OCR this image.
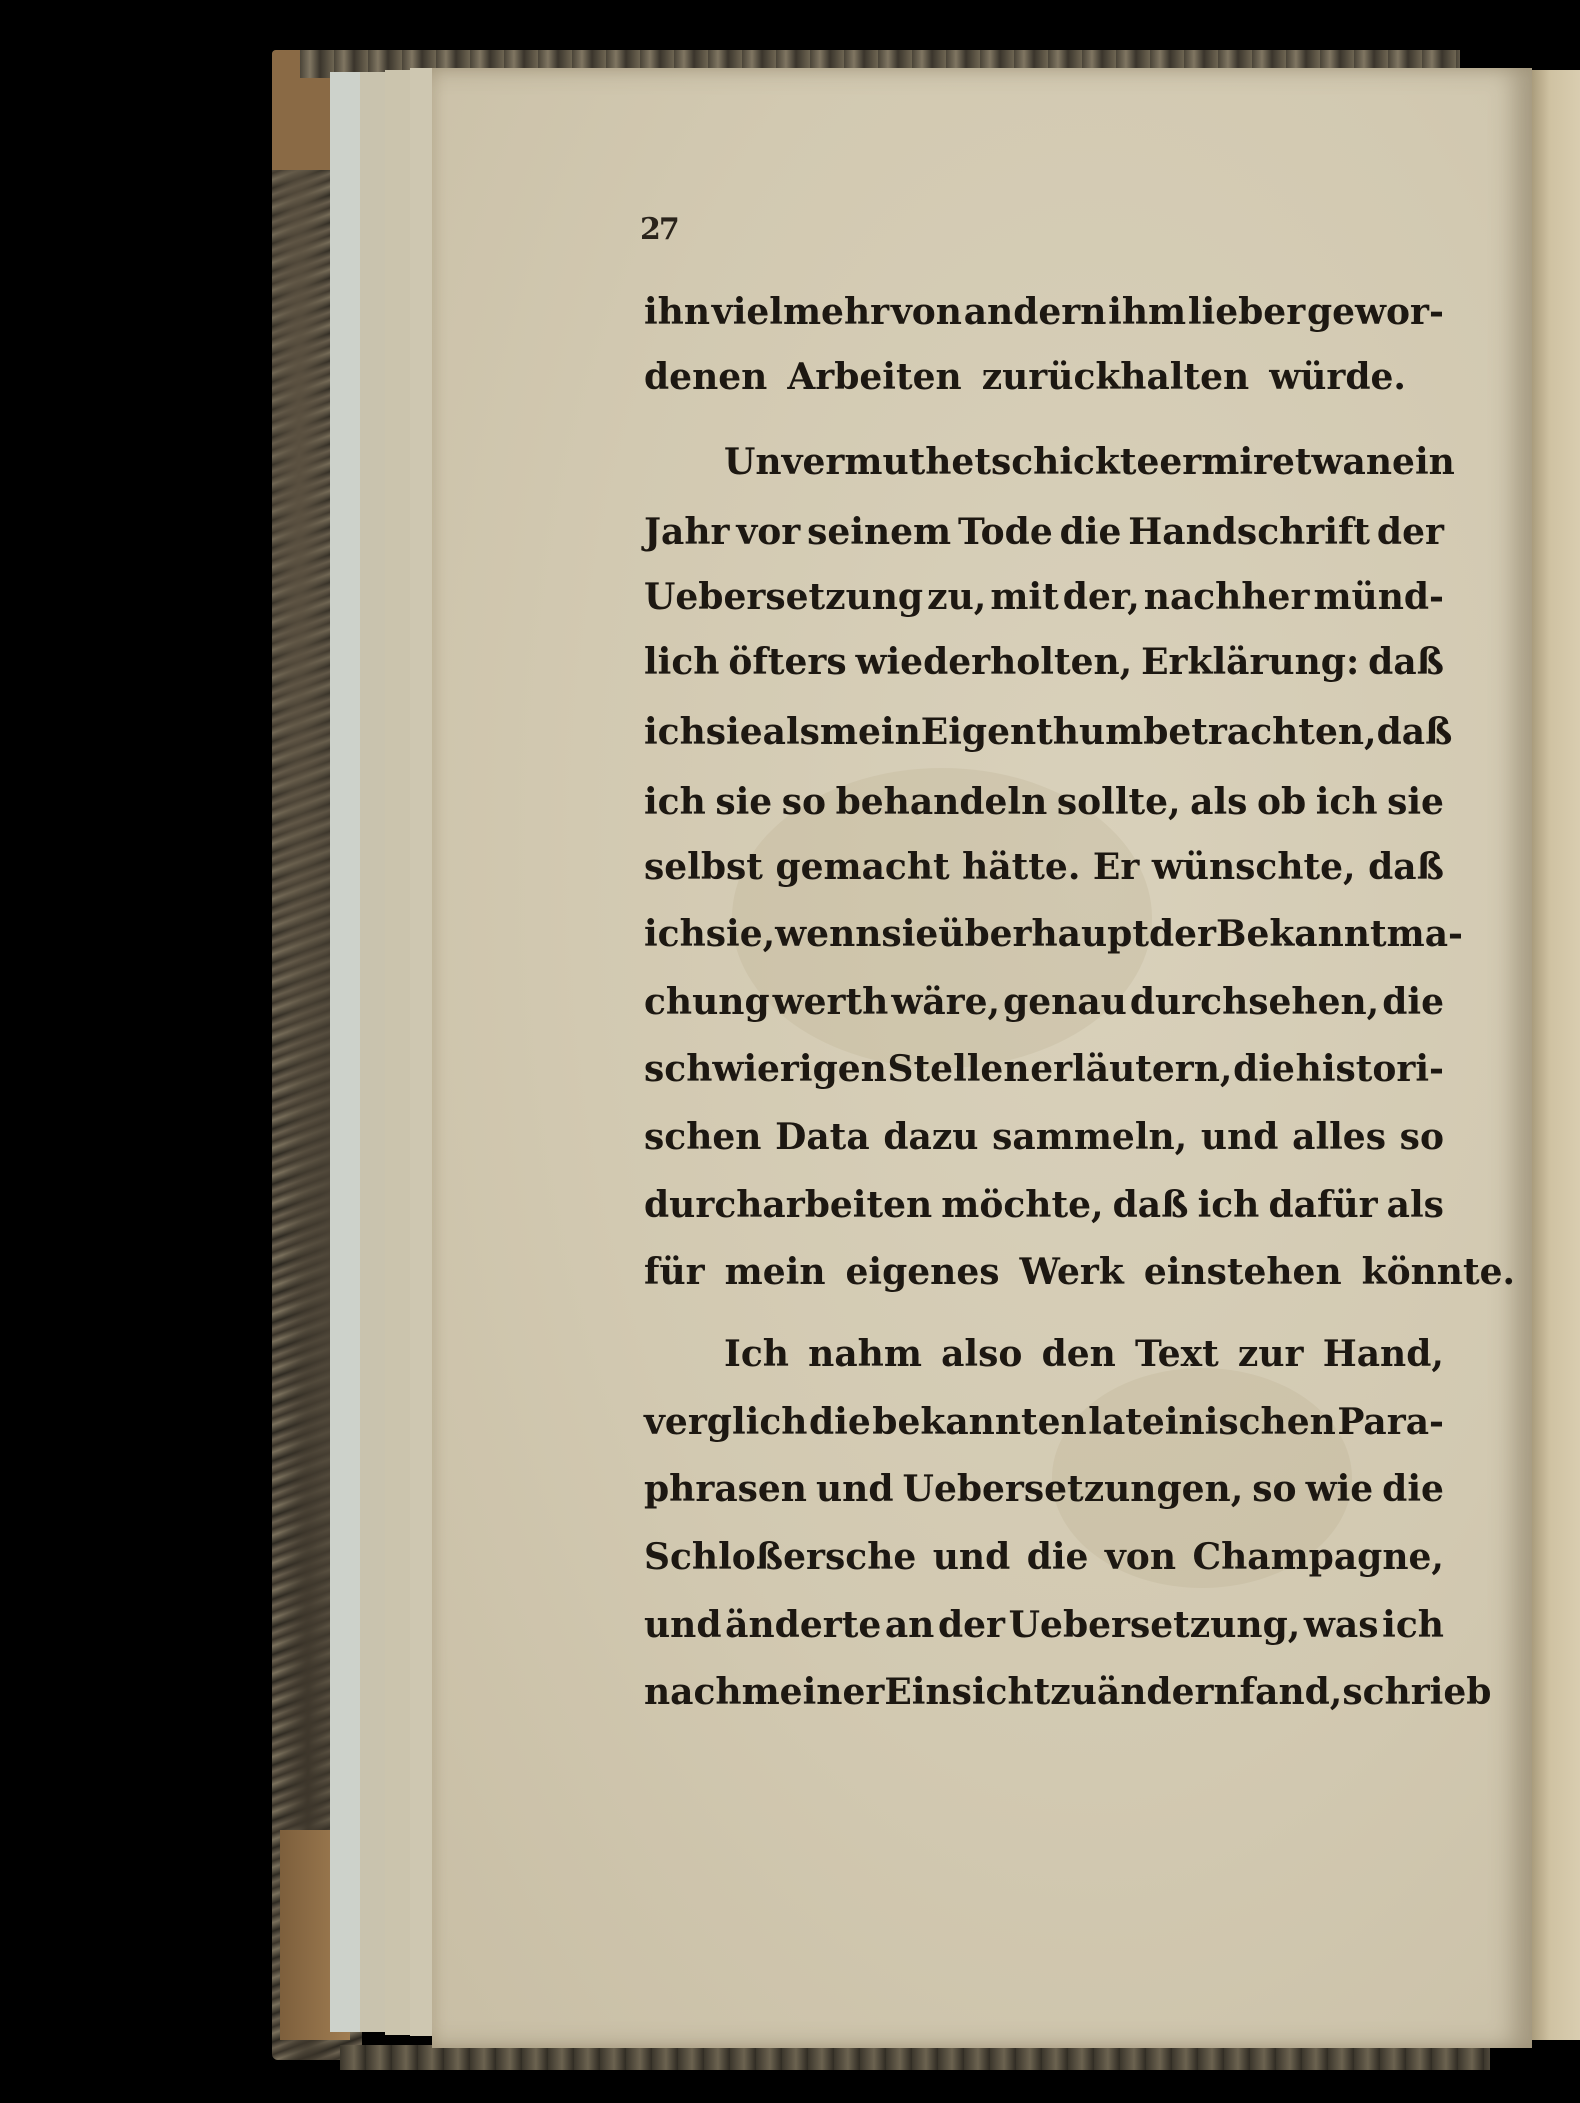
27

ihn vielmehr von andern ihm lieber gewor-
denen Arbeiten zurückhalten würde.
Unvermuthet schickte er mir etwan ein
Jahr vor seinem Tode die Handschrift der
Uebersetzung zu, mit der, nachher münd-
lich öfters wiederholten, Erklärung: daß
ich sie als mein Eigenthum betrachten, daß
ich sie so behandeln sollte, als ob ich sie
selbst gemacht hätte. Er wünschte, daß
ich sie, wenn sie überhaupt der Bekanntma-
chung werth wäre, genau durchsehen, die
schwierigen Stellen erläutern, die histori-
schen Data dazu sammeln, und alles so
durcharbeiten möchte, daß ich dafür als
für mein eigenes Werk einstehen könnte.
Ich nahm also den Text zur Hand,
verglich die bekannten lateinischen Para-
phrasen und Uebersetzungen, so wie die
Schloßersche und die von Champagne,
und änderte an der Uebersetzung, was ich
nach meiner Einsicht zu ändern fand, schrieb
